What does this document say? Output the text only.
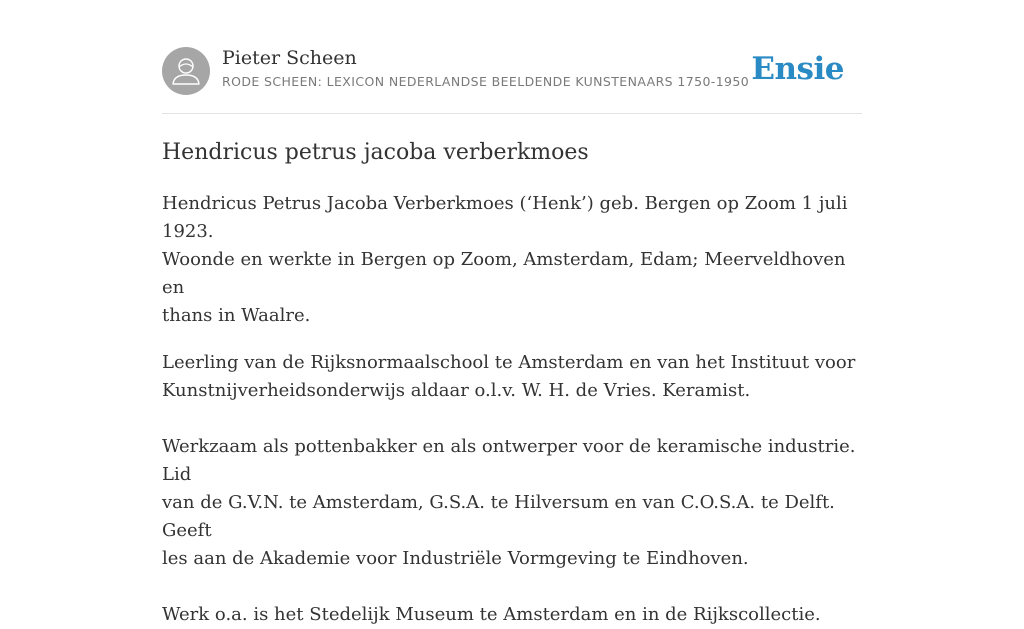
Pieter Scheen
RODE SCHEEN: LEXICON NEDERLANDSE BEELDENDE KUNSTENAARS 1750-1950 Ensie
Hendricus petrus jacoba verberkmoes

Hendricus Petrus Jacoba Verberkmoes (‘Henk’) geb. Bergen op Zoom 1 juli 1923.
Woonde en werkte in Bergen op Zoom, Amsterdam, Edam; Meerveldhoven en
thans in Waalre.

Leerling van de Rijksnormaalschool te Amsterdam en van het Instituut voor
Kunstnijverheidsonderwijs aldaar o.l.v. W. H. de Vries. Keramist.

Werkzaam als pottenbakker en als ontwerper voor de keramische industrie. Lid
van de G.V.N. te Amsterdam, G.S.A. te Hilversum en van C.O.S.A. te Delft. Geeft
les aan de Akademie voor Industriële Vormgeving te Eindhoven.

Werk o.a. is het Stedelijk Museum te Amsterdam en in de Rijkscollectie.
